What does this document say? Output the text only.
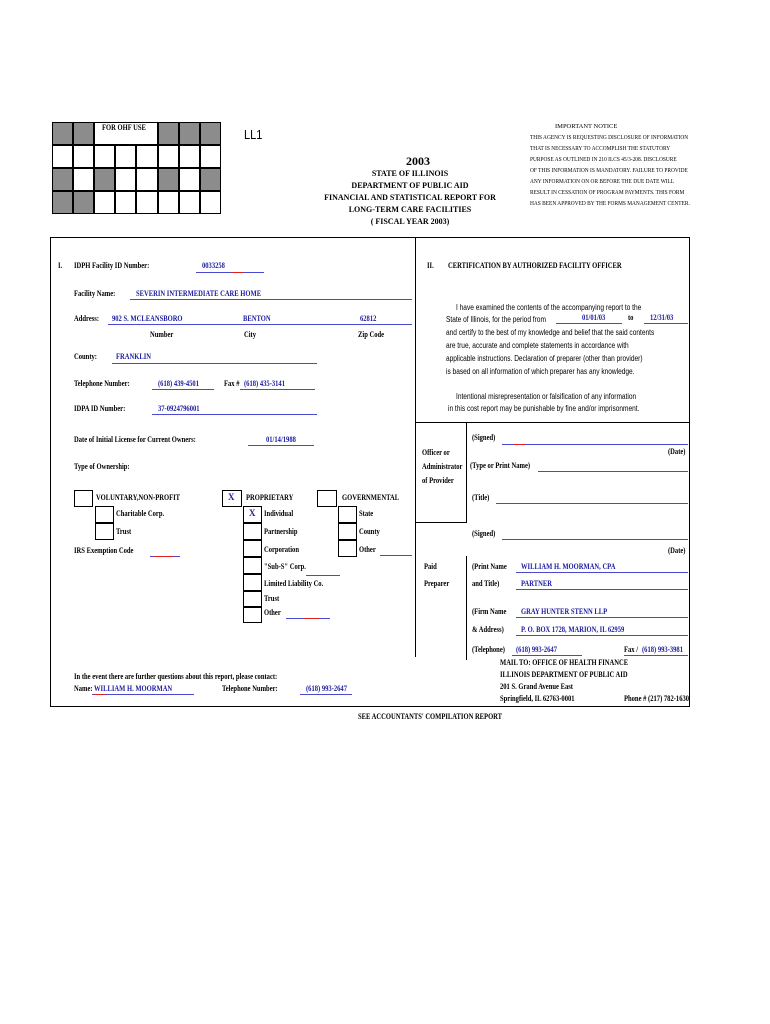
FOR OHF USE	LL1
2003
STATE OF ILLINOIS
DEPARTMENT OF PUBLIC AID
FINANCIAL AND STATISTICAL REPORT FOR
LONG-TERM CARE FACILITIES
( FISCAL YEAR 2003)
IMPORTANT NOTICE
THIS AGENCY IS REQUESTING DISCLOSURE OF INFORMATION
THAT IS NECESSARY TO ACCOMPLISH THE STATUTORY
PURPOSE AS OUTLINED IN 210 ILCS 45/3-208. DISCLOSURE
OF THIS INFORMATION IS MANDATORY. FAILURE TO PROVIDE
ANY INFORMATION ON OR BEFORE THE DUE DATE WILL
RESULT IN CESSATION OF PROGRAM PAYMENTS. THIS FORM
HAS BEEN APPROVED BY THE FORMS MANAGEMENT CENTER.
I. IDPH Facility ID Number:	0033258
Facility Name:	SEVERIN INTERMEDIATE CARE HOME
Address: 902 S. MCLEANSBORO	BENTON	62812
Number	City	Zip Code
County: FRANKLIN
Telephone Number:	(618) 439-4501	Fax # (618) 435-3141
IDPA ID Number:	37-0924796001
Date of Initial License for Current Owners:	01/14/1988
Type of Ownership:
VOLUNTARY,NON-PROFIT
Charitable Corp.
Trust
IRS Exemption Code
X PROPRIETARY
X Individual
Partnership
Corporation
"Sub-S" Corp.
Limited Liability Co.
Trust
Other
GOVERNMENTAL
State
County
Other
In the event there are further questions about this report, please contact:
Name: WILLIAM H. MOORMAN	Telephone Number:	(618) 993-2647
II. CERTIFICATION BY AUTHORIZED FACILITY OFFICER
I have examined the contents of the accompanying report to the
State of Illinois, for the period from	01/01/03	to 12/31/03
and certify to the best of my knowledge and belief that the said contents
are true, accurate and complete statements in accordance with
applicable instructions. Declaration of preparer (other than provider)
is based on all information of which preparer has any knowledge.
Intentional misrepresentation or falsification of any information
in this cost report may be punishable by fine and/or imprisonment.
Officer or
Administrator
of Provider
(Signed)
(Date)
(Type or Print Name)
(Title)
(Signed)
(Date)
Paid
Preparer
(Print Name WILLIAM H. MOORMAN, CPA
and Title)	PARTNER
(Firm Name GRAY HUNTER STENN LLP
& Address) P. O. BOX 1728, MARION, IL 62959
(Telephone) (618) 993-2647	Fax / (618) 993-3981
MAIL TO: OFFICE OF HEALTH FINANCE
ILLINOIS DEPARTMENT OF PUBLIC AID
201 S. Grand Avenue East
Springfield, IL 62763-0001	Phone # (217) 782-1630
SEE ACCOUNTANTS' COMPILATION REPORT
